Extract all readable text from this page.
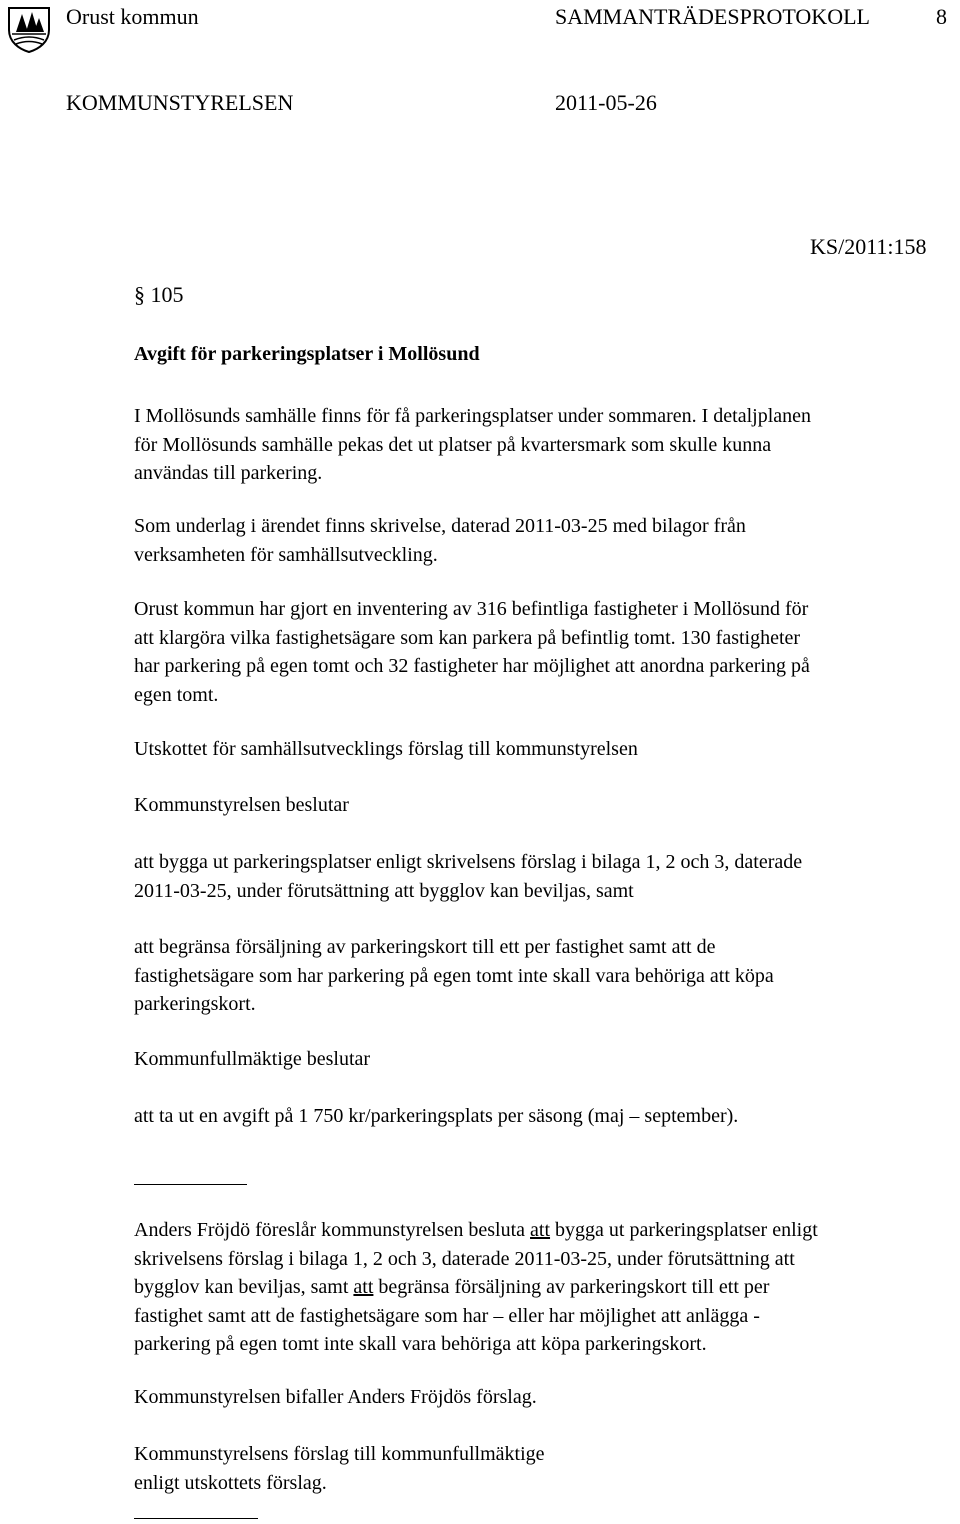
Orust kommun	SAMMANTRÄDESPROTOKOLL	8
KOMMUNSTYRELSEN	2011-05-26
KS/2011:158
§ 105
Avgift för parkeringsplatser i Mollösund
I Mollösunds samhälle finns för få parkeringsplatser under sommaren. I detaljplanen
för Mollösunds samhälle pekas det ut platser på kvartersmark som skulle kunna
användas till parkering.
Som underlag i ärendet finns skrivelse, daterad 2011-03-25 med bilagor från
verksamheten för samhällsutveckling.
Orust kommun har gjort en inventering av 316 befintliga fastigheter i Mollösund för
att klargöra vilka fastighetsägare som kan parkera på befintlig tomt. 130 fastigheter
har parkering på egen tomt och 32 fastigheter har möjlighet att anordna parkering på
egen tomt.
Utskottet för samhällsutvecklings förslag till kommunstyrelsen
Kommunstyrelsen beslutar
att bygga ut parkeringsplatser enligt skrivelsens förslag i bilaga 1, 2 och 3, daterade
2011-03-25, under förutsättning att bygglov kan beviljas, samt
att begränsa försäljning av parkeringskort till ett per fastighet samt att de
fastighetsägare som har parkering på egen tomt inte skall vara behöriga att köpa
parkeringskort.
Kommunfullmäktige beslutar
att ta ut en avgift på 1 750 kr/parkeringsplats per säsong (maj – september).
Anders Fröjdö föreslår kommunstyrelsen besluta att bygga ut parkeringsplatser enligt
skrivelsens förslag i bilaga 1, 2 och 3, daterade 2011-03-25, under förutsättning att
bygglov kan beviljas, samt att begränsa försäljning av parkeringskort till ett per
fastighet samt att de fastighetsägare som har – eller har möjlighet att anlägga -
parkering på egen tomt inte skall vara behöriga att köpa parkeringskort.
Kommunstyrelsen bifaller Anders Fröjdös förslag.
Kommunstyrelsens förslag till kommunfullmäktige
enligt utskottets förslag.
